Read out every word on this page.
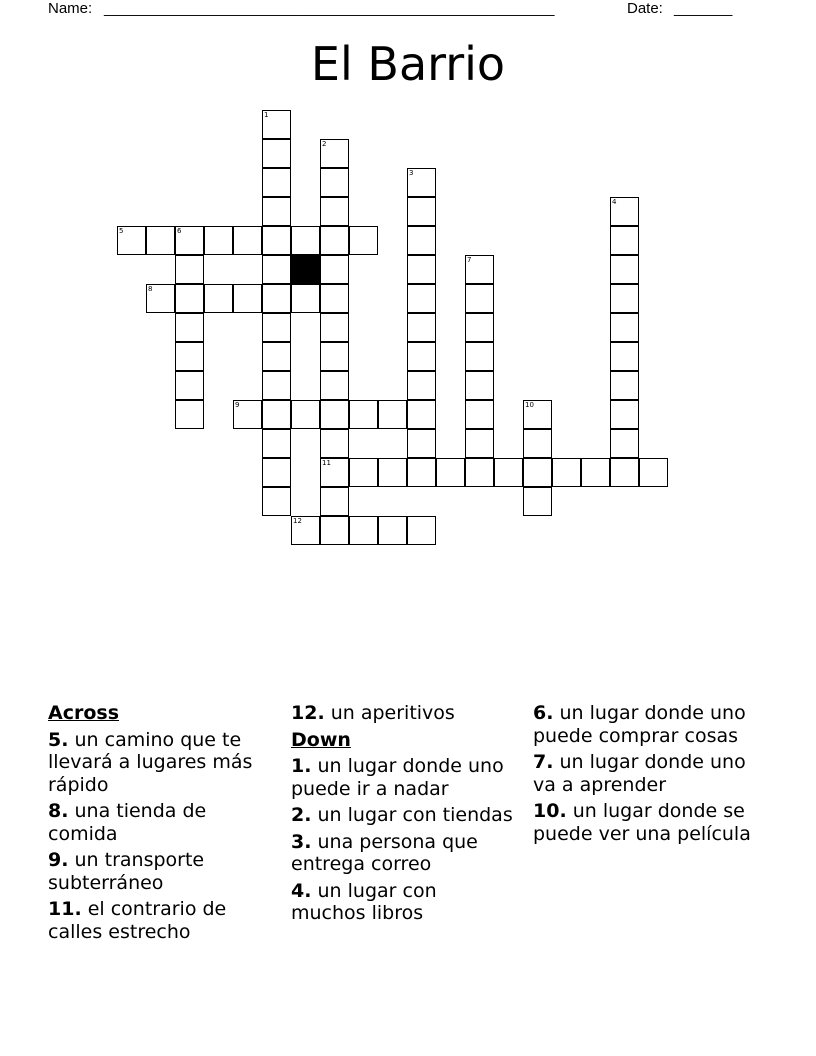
Name: ______________________________________________________	Date: _______
El Barrio
1
2
11
3
4
5	6
7
8
9	10
12
Across
5. un camino que te llevará a lugares más rápido
8. una tienda de comida
9. un transporte subterráneo
11. el contrario de calles estrecho
12. un aperitivos
Down
1. un lugar donde uno puede ir a nadar
2. un lugar con tiendas
3. una persona que entrega correo
4. un lugar con muchos libros
6. un lugar donde uno puede comprar cosas
7. un lugar donde uno va a aprender
10. un lugar donde se puede ver una película
